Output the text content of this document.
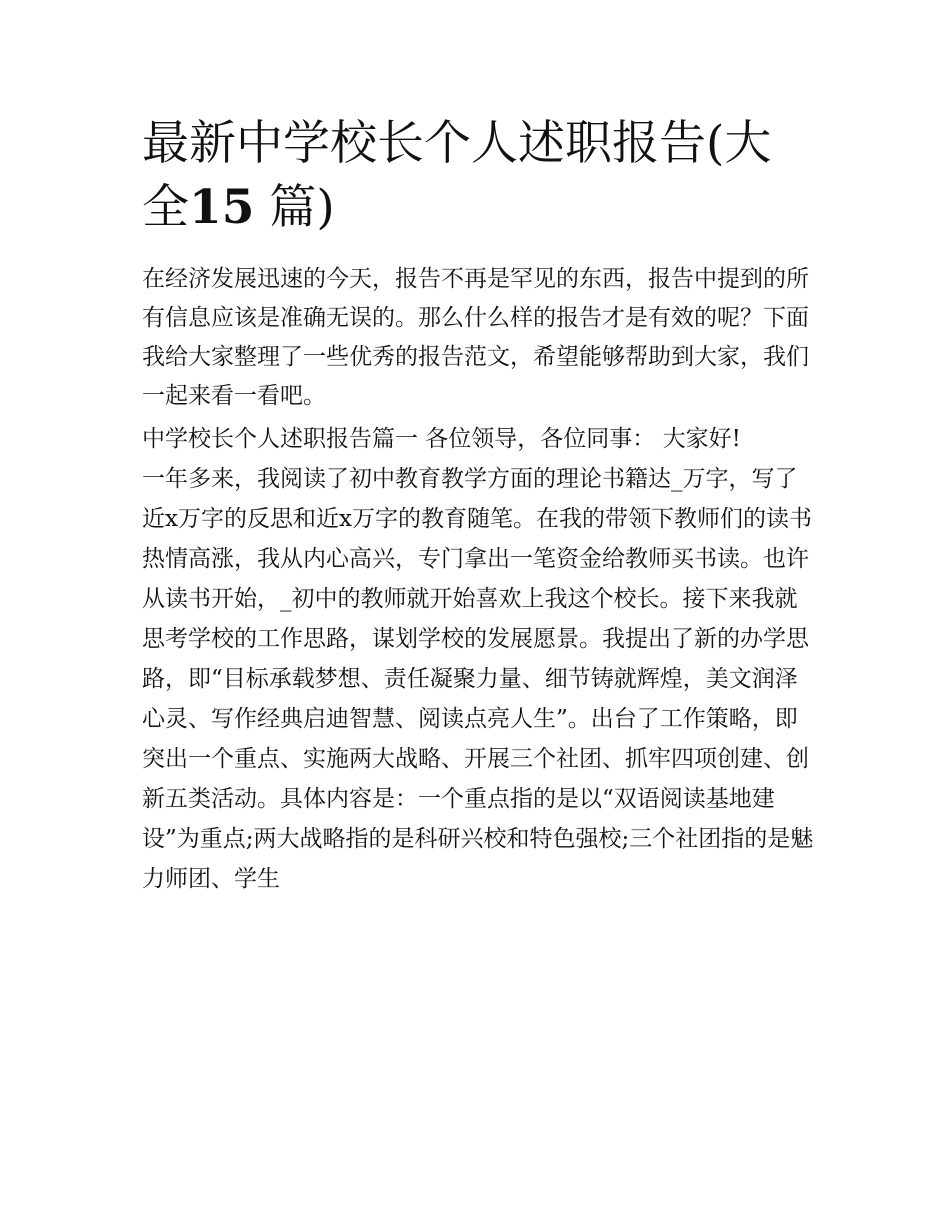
最新中学校长个人述职报告(大全15 篇)

在经济发展迅速的今天，报告不再是罕见的东西，报告中提到的所有信息应该是准确无误的。那么什么样的报告才是有效的呢？下面我给大家整理了一些优秀的报告范文，希望能够帮助到大家，我们一起来看一看吧。

中学校长个人述职报告篇一 各位领导，各位同事： 大家好!

一年多来，我阅读了初中教育教学方面的理论书籍达_万字，写了近x万字的反思和近x万字的教育随笔。在我的带领下教师们的读书热情高涨，我从内心高兴，专门拿出一笔资金给教师买书读。也许从读书开始，_初中的教师就开始喜欢上我这个校长。接下来我就思考学校的工作思路，谋划学校的发展愿景。我提出了新的办学思路，即“目标承载梦想、责任凝聚力量、细节铸就辉煌，美文润泽心灵、写作经典启迪智慧、阅读点亮人生”。出台了工作策略，即突出一个重点、实施两大战略、开展三个社团、抓牢四项创建、创新五类活动。具体内容是：一个重点指的是以“双语阅读基地建设”为重点;两大战略指的是科研兴校和特色强校;三个社团指的是魅力师团、学生
